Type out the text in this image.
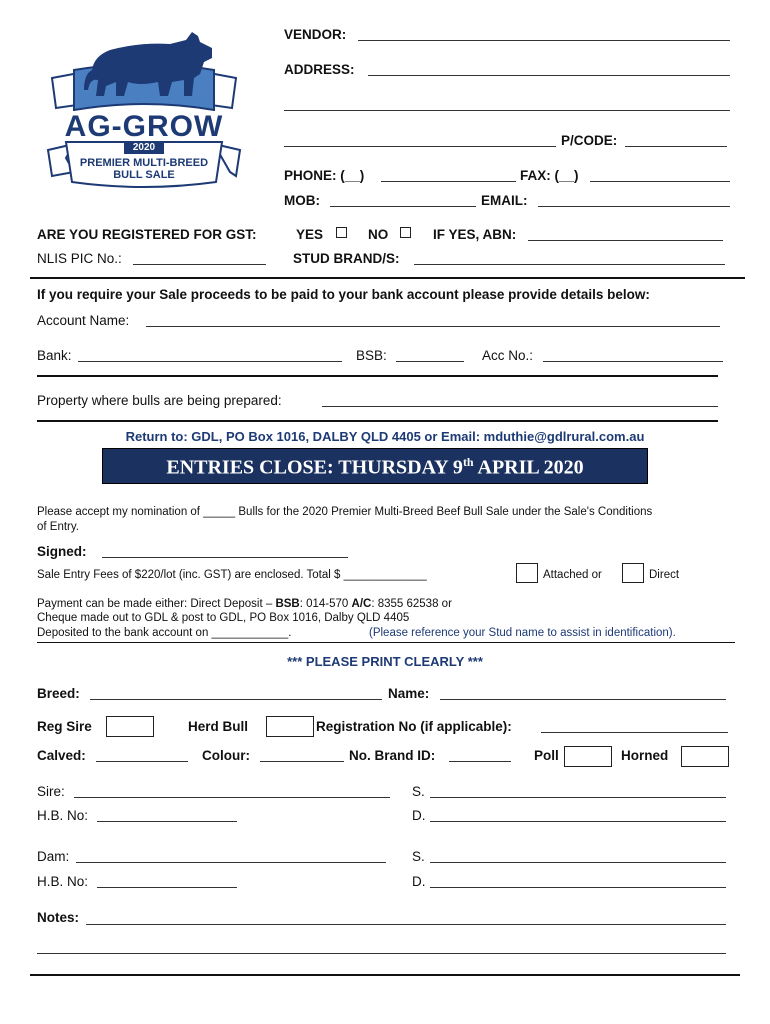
AG-GROW
2020
PREMIER MULTI-BREED
BULL SALE
VENDOR:
ADDRESS:
P/CODE:
PHONE: (__)	FAX: (__)
MOB:	EMAIL:
ARE YOU REGISTERED FOR GST:	YES	NO	IF YES, ABN:
NLIS PIC No.:	STUD BRAND/S:
If you require your Sale proceeds to be paid to your bank account please provide details below:
Account Name:
Bank:	BSB:	Acc No.:
Property where bulls are being prepared:
Return to: GDL, PO Box 1016, DALBY QLD 4405 or Email: mduthie@gdlrural.com.au
ENTRIES CLOSE: THURSDAY 9th APRIL 2020
Please accept my nomination of _____ Bulls for the 2020 Premier Multi-Breed Beef Bull Sale under the Sale's Conditions
of Entry.
Signed:
Sale Entry Fees of $220/lot (inc. GST) are enclosed. Total $ _____________	Attached or	Direct
Payment can be made either: Direct Deposit – BSB: 014-570 A/C: 8355 62538 or
Cheque made out to GDL & post to GDL, PO Box 1016, Dalby QLD 4405
Deposited to the bank account on ____________.	(Please reference your Stud name to assist in identification).
*** PLEASE PRINT CLEARLY ***
Breed:	Name:
Reg Sire	Herd Bull	Registration No (if applicable):
Calved:	Colour:	No. Brand ID:	Poll	Horned
Sire:	S.
H.B. No:	D.
Dam:	S.
H.B. No:	D.
Notes:
